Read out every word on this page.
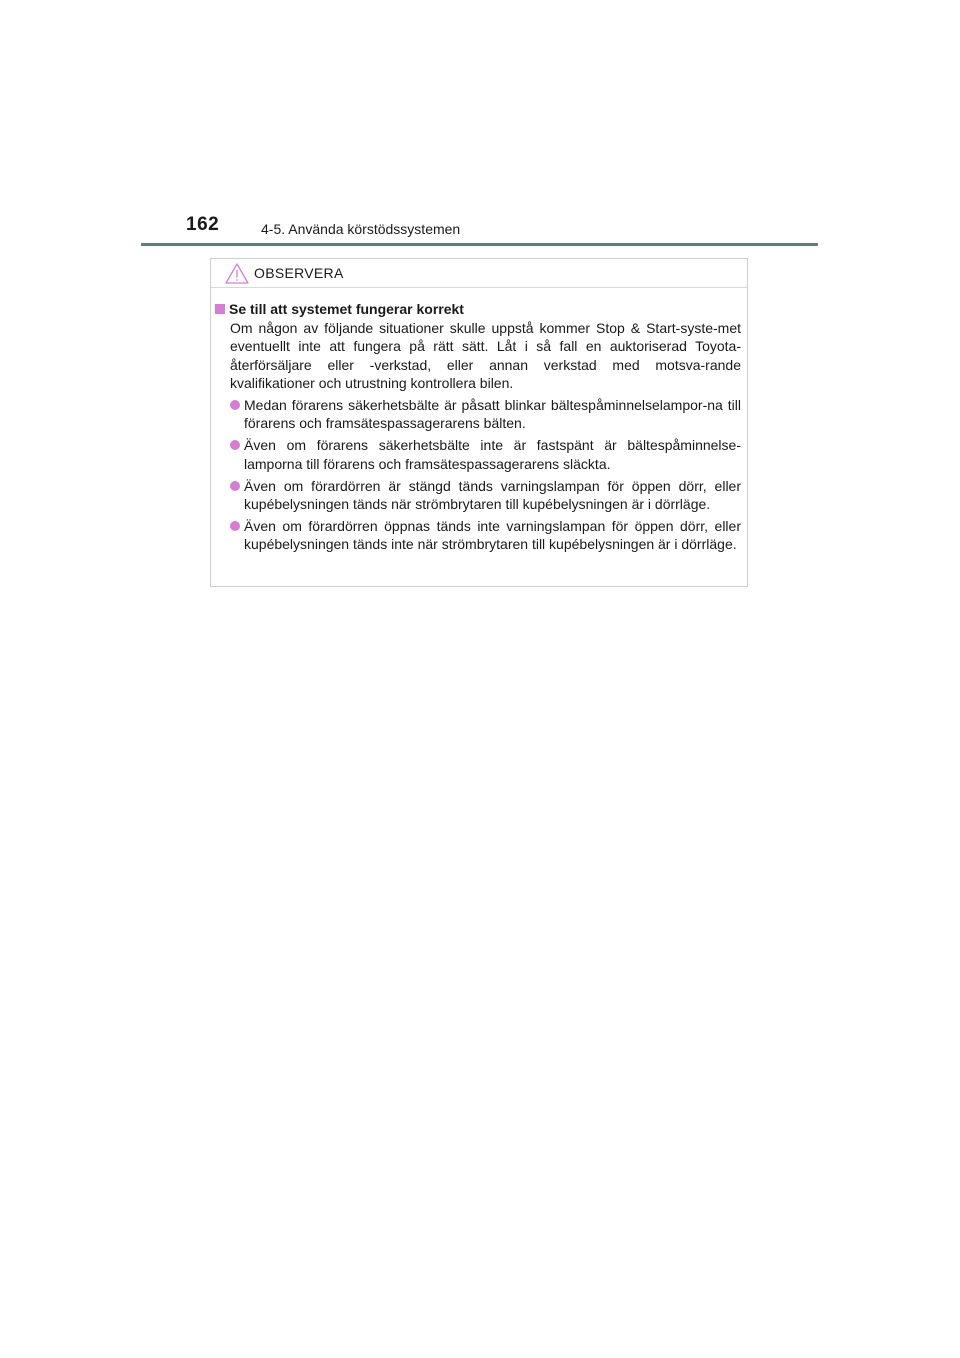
162	4-5. Använda körstödssystemen
OBSERVERA
Se till att systemet fungerar korrekt

Om någon av följande situationer skulle uppstå kommer Stop & Start-syste-met eventuellt inte att fungera på rätt sätt. Låt i så fall en auktoriserad Toyota-återförsäljare eller -verkstad, eller annan verkstad med motsva-rande kvalifikationer och utrustning kontrollera bilen.

Medan förarens säkerhetsbälte är påsatt blinkar bältespåminnelselampor-na till förarens och framsätespassagerarens bälten.
Även om förarens säkerhetsbälte inte är fastspänt är bältespåminnelse-lamporna till förarens och framsätespassagerarens släckta.
Även om förardörren är stängd tänds varningslampan för öppen dörr, eller kupébelysningen tänds när strömbrytaren till kupébelysningen är i dörrläge.
Även om förardörren öppnas tänds inte varningslampan för öppen dörr, eller kupébelysningen tänds inte när strömbrytaren till kupébelysningen är i dörrläge.
